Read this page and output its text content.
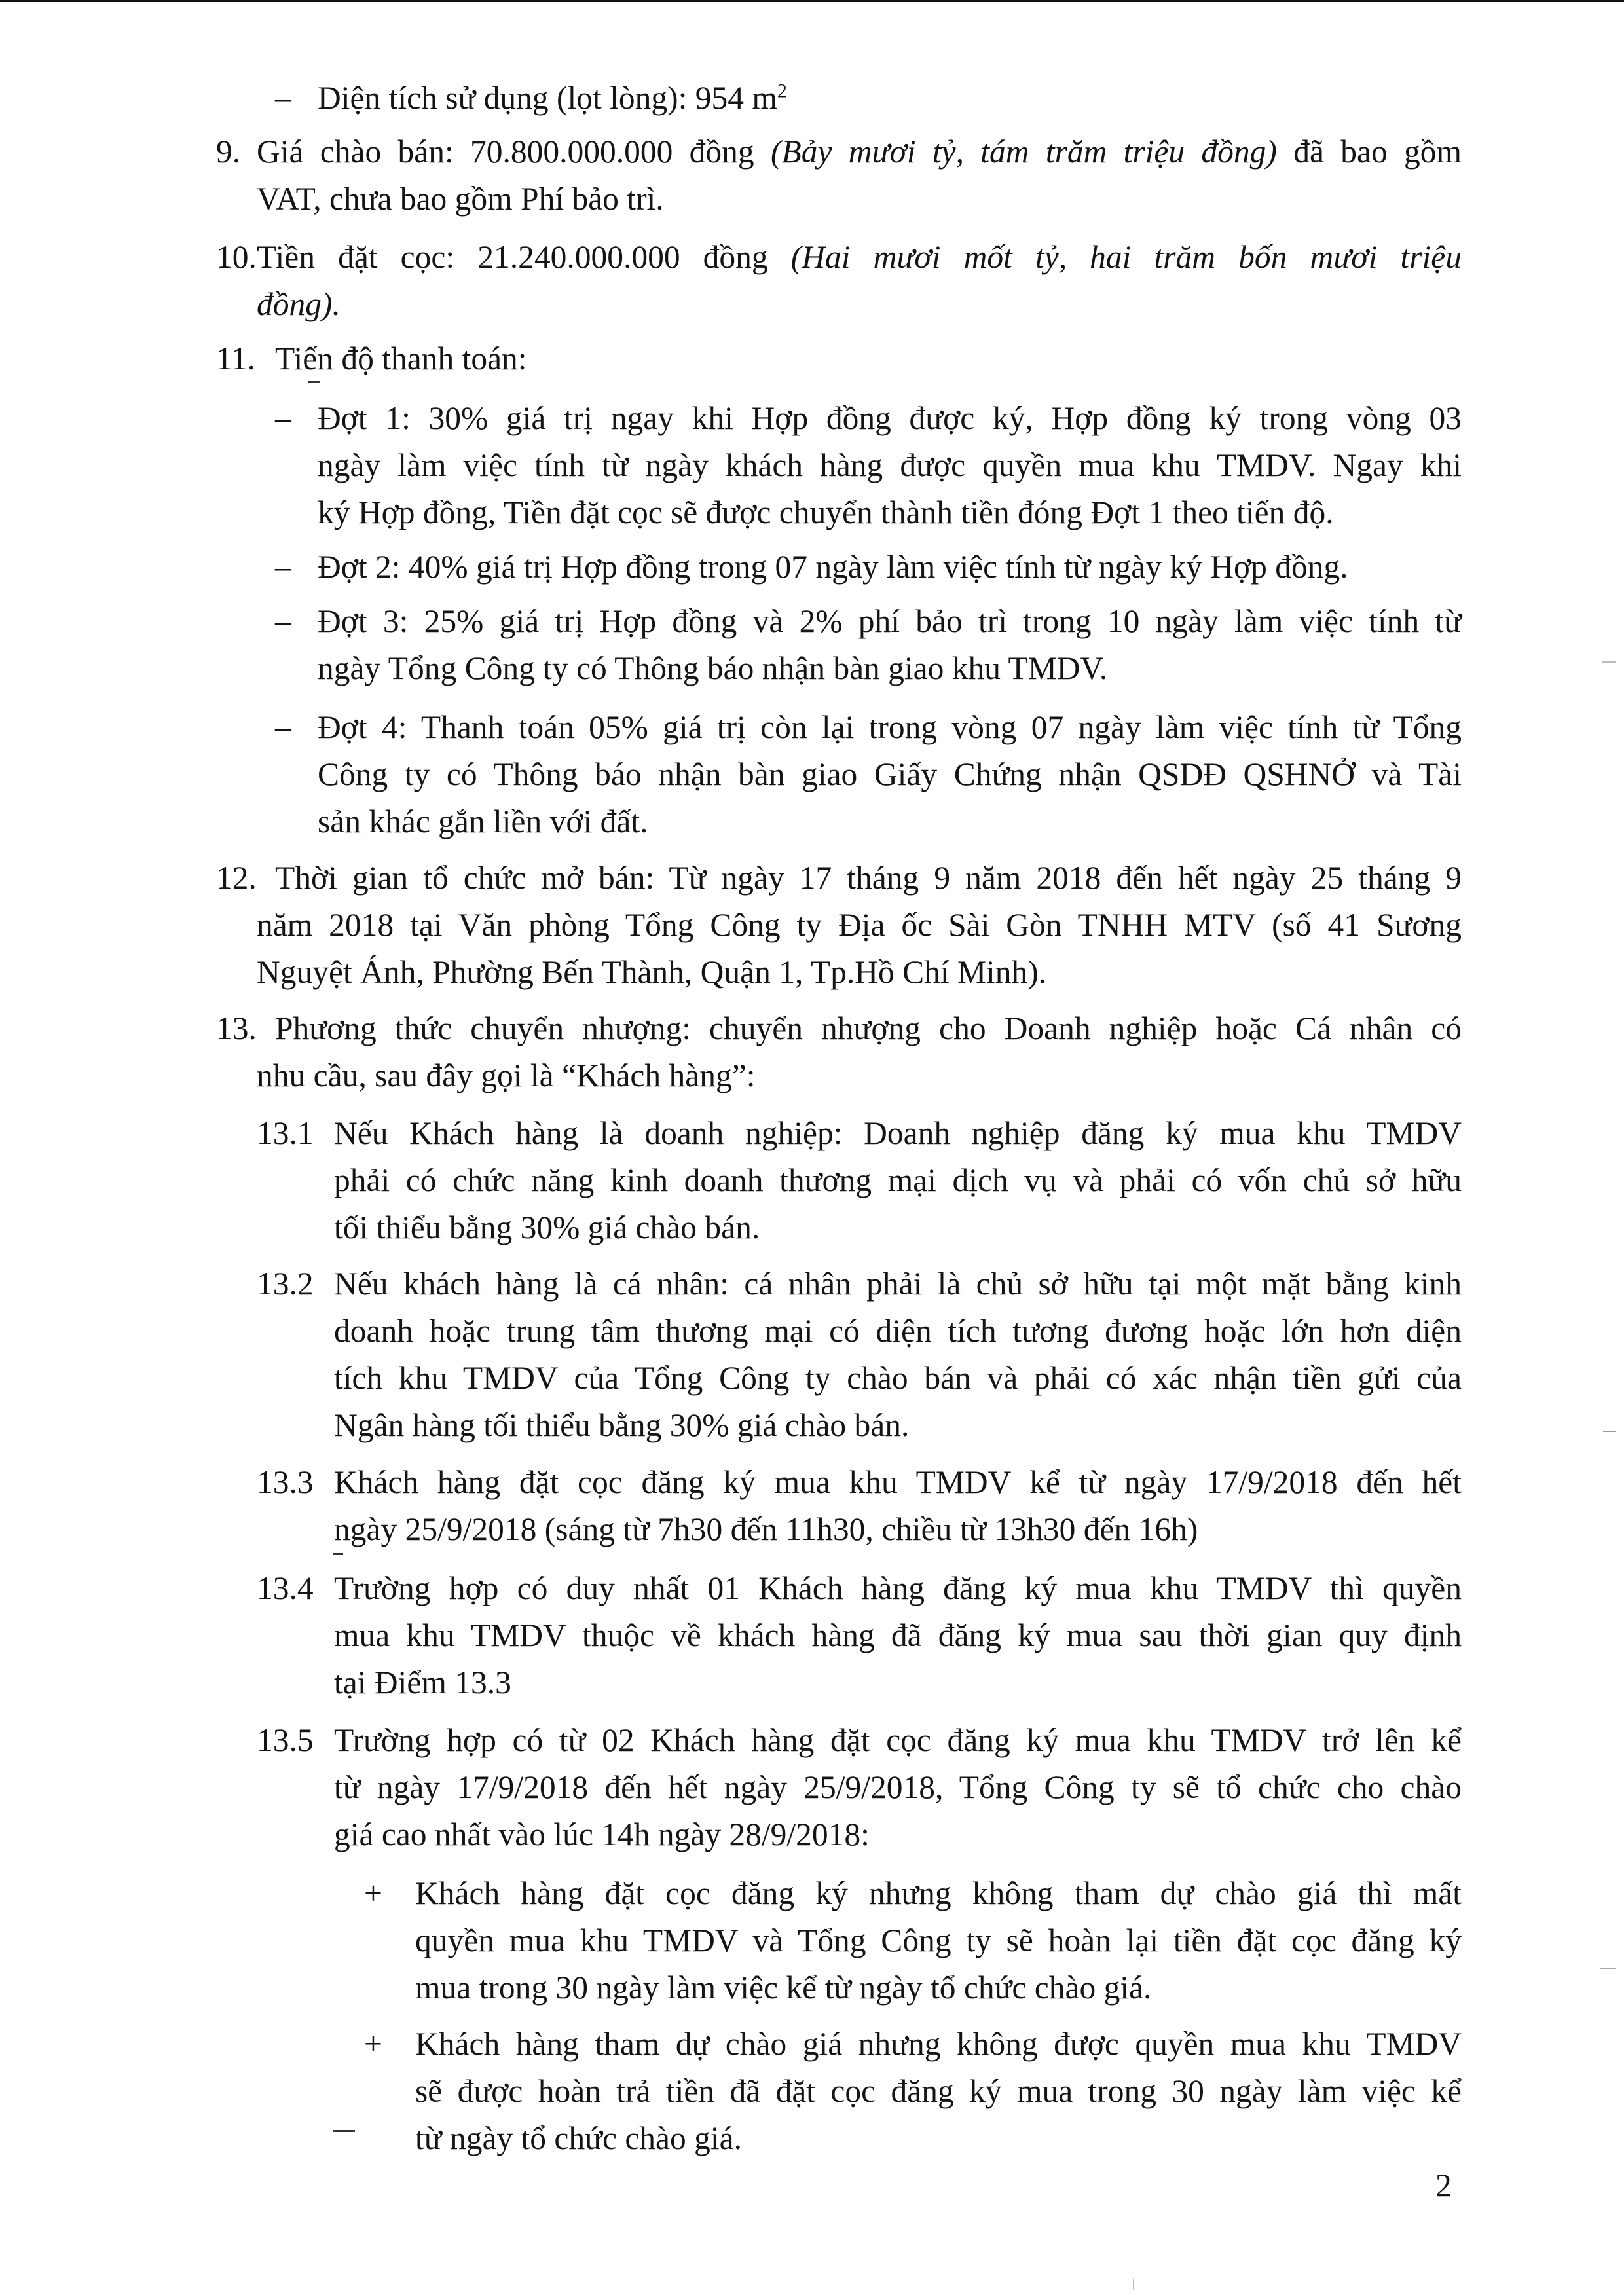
– Diện tích sử dụng (lọt lòng): 954 $m^2$
9. Giá chào bán: 70.800.000.000 đồng (Bảy mươi tỷ, tám trăm triệu đồng) đã bao gồm
VAT, chưa bao gồm Phí bảo trì.
10. Tiền đặt cọc: 21.240.000.000 đồng (Hai mươi mốt tỷ, hai trăm bốn mươi triệu
đồng).
11. Tiến độ thanh toán:
– Đợt 1: 30% giá trị ngay khi Hợp đồng được ký, Hợp đồng ký trong vòng 03
ngày làm việc tính từ ngày khách hàng được quyền mua khu TMDV. Ngay khi
ký Hợp đồng, Tiền đặt cọc sẽ được chuyển thành tiền đóng Đợt 1 theo tiến độ.
– Đợt 2: 40% giá trị Hợp đồng trong 07 ngày làm việc tính từ ngày ký Hợp đồng.
– Đợt 3: 25% giá trị Hợp đồng và 2% phí bảo trì trong 10 ngày làm việc tính từ
ngày Tổng Công ty có Thông báo nhận bàn giao khu TMDV.
– Đợt 4: Thanh toán 05% giá trị còn lại trong vòng 07 ngày làm việc tính từ Tổng
Công ty có Thông báo nhận bàn giao Giấy Chứng nhận QSDĐ QSHNỞ và Tài
sản khác gắn liền với đất.
12. Thời gian tổ chức mở bán: Từ ngày 17 tháng 9 năm 2018 đến hết ngày 25 tháng 9
năm 2018 tại Văn phòng Tổng Công ty Địa ốc Sài Gòn TNHH MTV (số 41 Sương
Nguyệt Ánh, Phường Bến Thành, Quận 1, Tp.Hồ Chí Minh).
13. Phương thức chuyển nhượng: chuyển nhượng cho Doanh nghiệp hoặc Cá nhân có
nhu cầu, sau đây gọi là “Khách hàng”:
13.1 Nếu Khách hàng là doanh nghiệp: Doanh nghiệp đăng ký mua khu TMDV
phải có chức năng kinh doanh thương mại dịch vụ và phải có vốn chủ sở hữu
tối thiểu bằng 30% giá chào bán.
13.2 Nếu khách hàng là cá nhân: cá nhân phải là chủ sở hữu tại một mặt bằng kinh
doanh hoặc trung tâm thương mại có diện tích tương đương hoặc lớn hơn diện
tích khu TMDV của Tổng Công ty chào bán và phải có xác nhận tiền gửi của
Ngân hàng tối thiểu bằng 30% giá chào bán.
13.3 Khách hàng đặt cọc đăng ký mua khu TMDV kể từ ngày 17/9/2018 đến hết
ngày 25/9/2018 (sáng từ 7h30 đến 11h30, chiều từ 13h30 đến 16h)
13.4 Trường hợp có duy nhất 01 Khách hàng đăng ký mua khu TMDV thì quyền
mua khu TMDV thuộc về khách hàng đã đăng ký mua sau thời gian quy định
tại Điểm 13.3
13.5 Trường hợp có từ 02 Khách hàng đặt cọc đăng ký mua khu TMDV trở lên kể
từ ngày 17/9/2018 đến hết ngày 25/9/2018, Tổng Công ty sẽ tổ chức cho chào
giá cao nhất vào lúc 14h ngày 28/9/2018:
+ Khách hàng đặt cọc đăng ký nhưng không tham dự chào giá thì mất
quyền mua khu TMDV và Tổng Công ty sẽ hoàn lại tiền đặt cọc đăng ký
mua trong 30 ngày làm việc kể từ ngày tổ chức chào giá.
+ Khách hàng tham dự chào giá nhưng không được quyền mua khu TMDV
sẽ được hoàn trả tiền đã đặt cọc đăng ký mua trong 30 ngày làm việc kể
từ ngày tổ chức chào giá.
2
